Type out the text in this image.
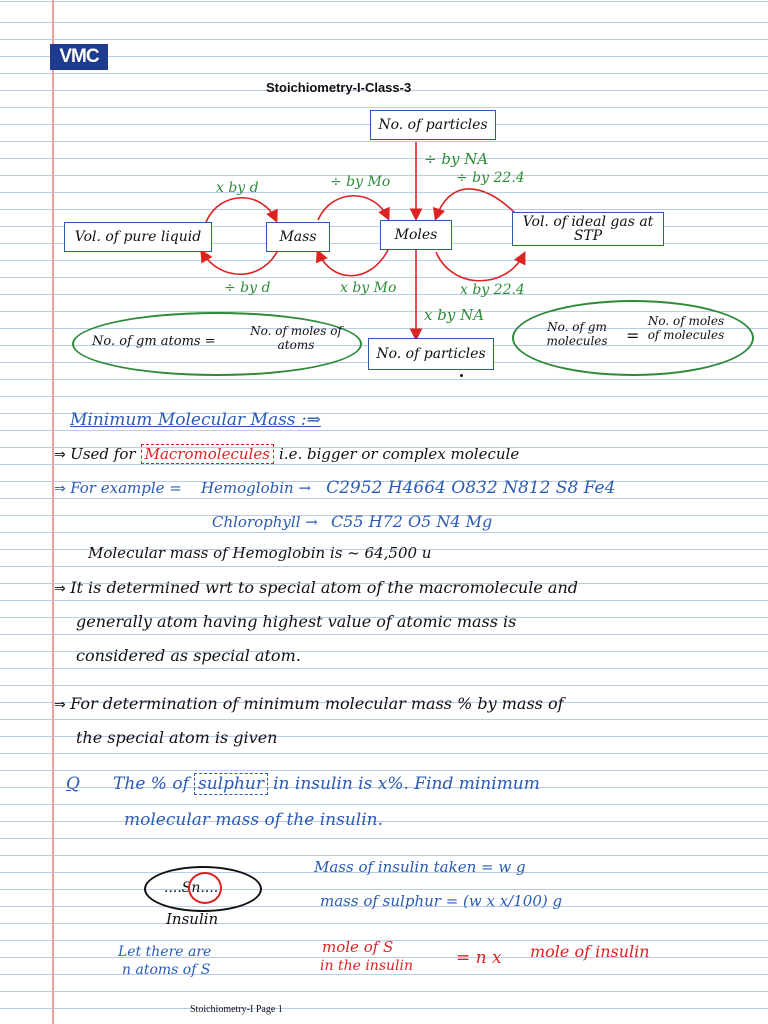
VMC
Stoichiometry-I-Class-3
No. of particles
Vol. of pure liquid	Mass	Moles
Vol. of ideal gas at STP
No. of particles
x by d
÷ by d
÷ by Mo
x by Mo
÷ by NA
x by NA
÷ by 22.4
x by 22.4
No. of gm atoms =
No. of moles of atoms
No. of gm molecules	=
No. of moles of molecules
Minimum Molecular Mass :⇒
⇒ Used for Macromolecules i.e. bigger or complex molecule
⇒ For example = Hemoglobin → C2952 H4664 O832 N812 S8 Fe4
Chlorophyll → C55 H72 O5 N4 Mg
Molecular mass of Hemoglobin is ~ 64,500 u
⇒ It is determined wrt to special atom of the macromolecule and
generally atom having highest value of atomic mass is
considered as special atom.
⇒ For determination of minimum molecular mass % by mass of
the special atom is given
Q The % of sulphur in insulin is x%. Find minimum
molecular mass of the insulin.
....Sn....
Insulin
Mass of insulin taken = w g
mass of sulphur = (w x x/100) g
Let there are
n atoms of S
mole of S
in the insulin	= n x mole of insulin
Stoichiometry-I Page 1
